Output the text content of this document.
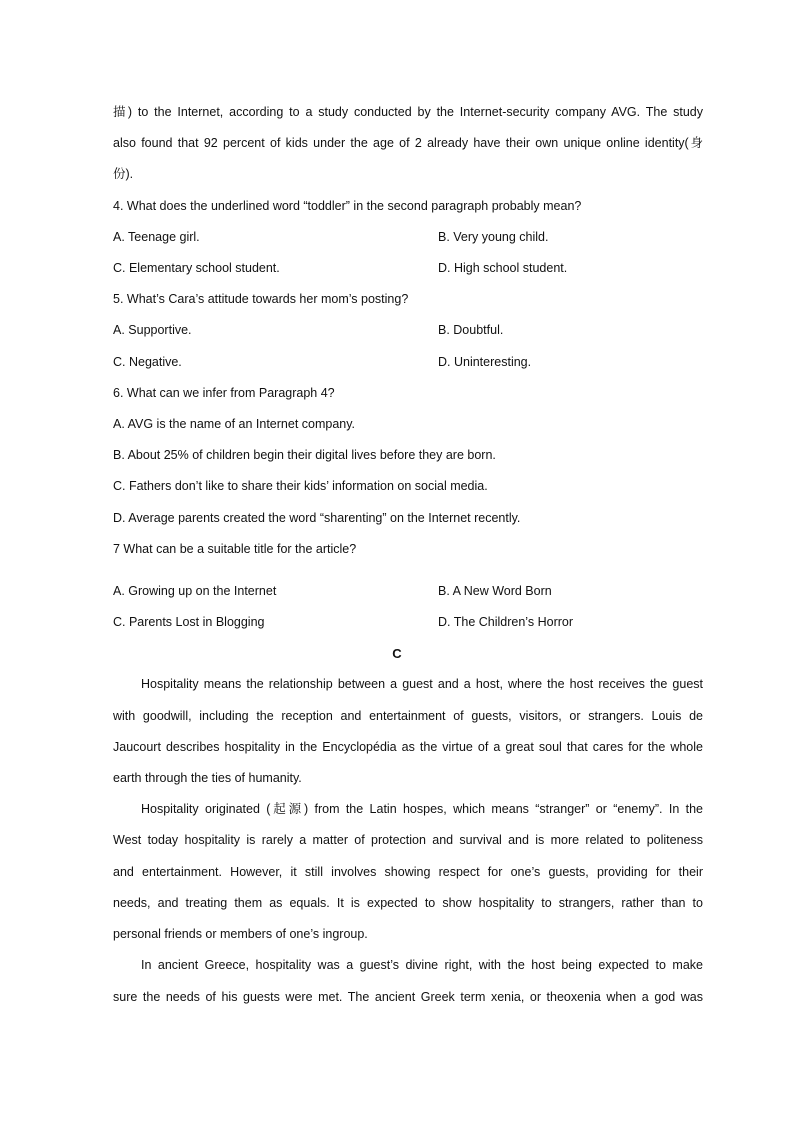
描) to the Internet, according to a study conducted by the Internet-security company AVG. The study
also found that 92 percent of kids under the age of 2 already have their own unique online identity(身
份).
4. What does the underlined word “toddler” in the second paragraph probably mean?
A. Teenage girl.	B. Very young child.
C. Elementary school student.	D. High school student.
5. What’s Cara’s attitude towards her mom’s posting?
A. Supportive.	B. Doubtful.
C. Negative.	D. Uninteresting.
6. What can we infer from Paragraph 4?
A. AVG is the name of an Internet company.
B. About 25% of children begin their digital lives before they are born.
C. Fathers don’t like to share their kids’ information on social media.
D. Average parents created the word “sharenting” on the Internet recently.
7 What can be a suitable title for the article?
A. Growing up on the Internet	B. A New Word Born
C. Parents Lost in Blogging	D. The Children’s Horror
C
Hospitality means the relationship between a guest and a host, where the host receives the guest
with goodwill, including the reception and entertainment of guests, visitors, or strangers. Louis de
Jaucourt describes hospitality in the Encyclopédia as the virtue of a great soul that cares for the whole
earth through the ties of humanity.
Hospitality originated (起源) from the Latin hospes, which means “stranger” or “enemy”. In the
West today hospitality is rarely a matter of protection and survival and is more related to politeness
and entertainment. However, it still involves showing respect for one’s guests, providing for their
needs, and treating them as equals. It is expected to show hospitality to strangers, rather than to
personal friends or members of one’s ingroup.
In ancient Greece, hospitality was a guest’s divine right, with the host being expected to make
sure the needs of his guests were met. The ancient Greek term xenia, or theoxenia when a god was
